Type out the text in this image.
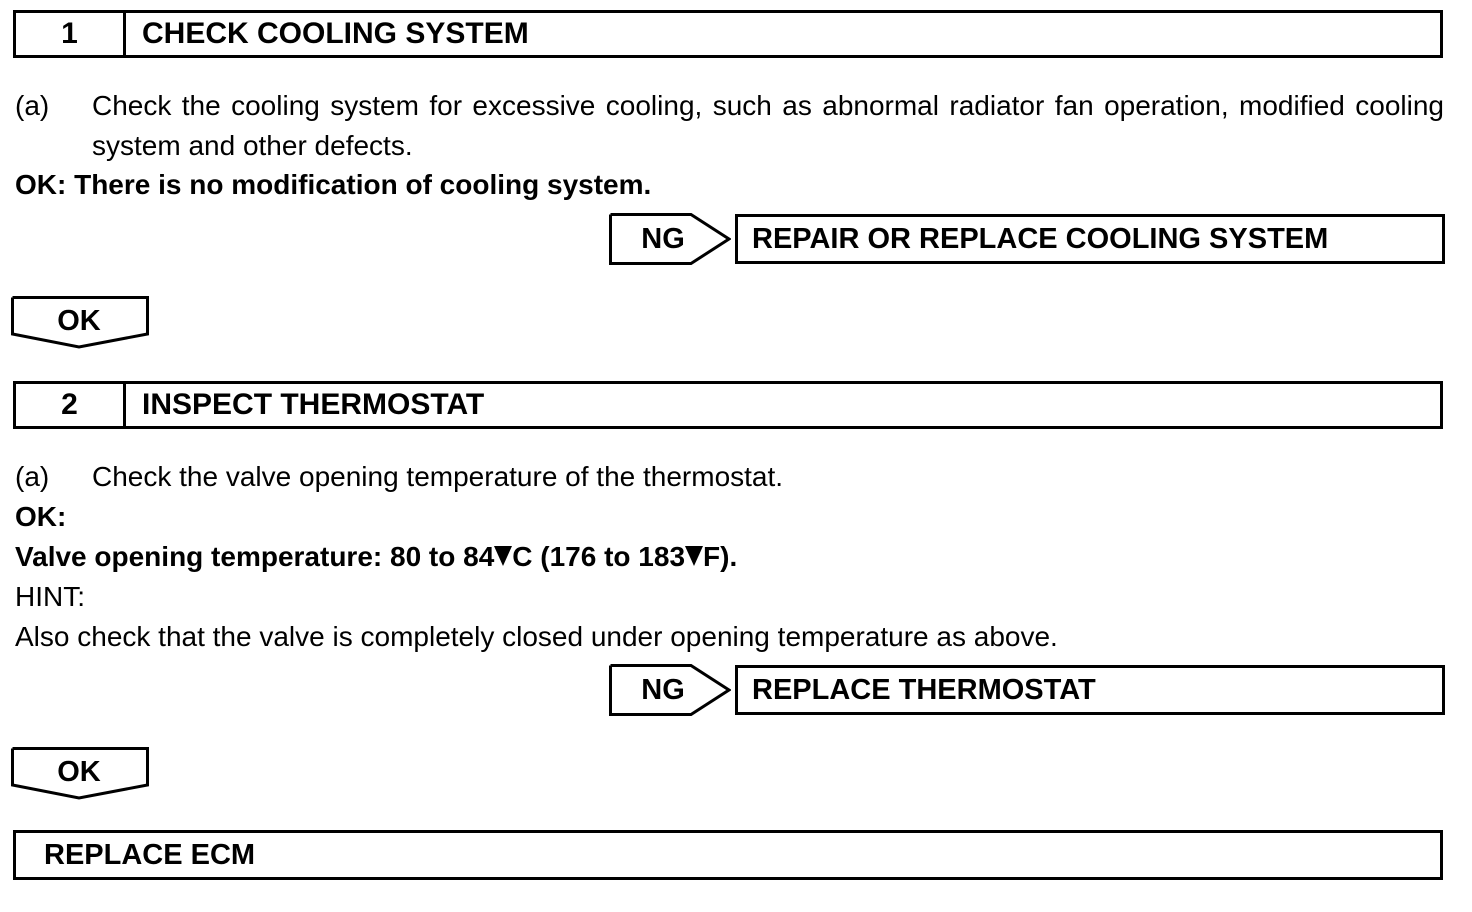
1	CHECK COOLING SYSTEM
(a) Check the cooling system for excessive cooling, such as abnormal radiator fan operation, modified cooling system and other defects.
OK: There is no modification of cooling system.
NG	REPAIR OR REPLACE COOLING SYSTEM
OK
2	INSPECT THERMOSTAT
(a) Check the valve opening temperature of the thermostat.
OK:
Valve opening temperature: 80 to 84 C (176 to 183 F).
HINT:
Also check that the valve is completely closed under opening temperature as above.
NG	REPLACE THERMOSTAT
OK
REPLACE ECM
